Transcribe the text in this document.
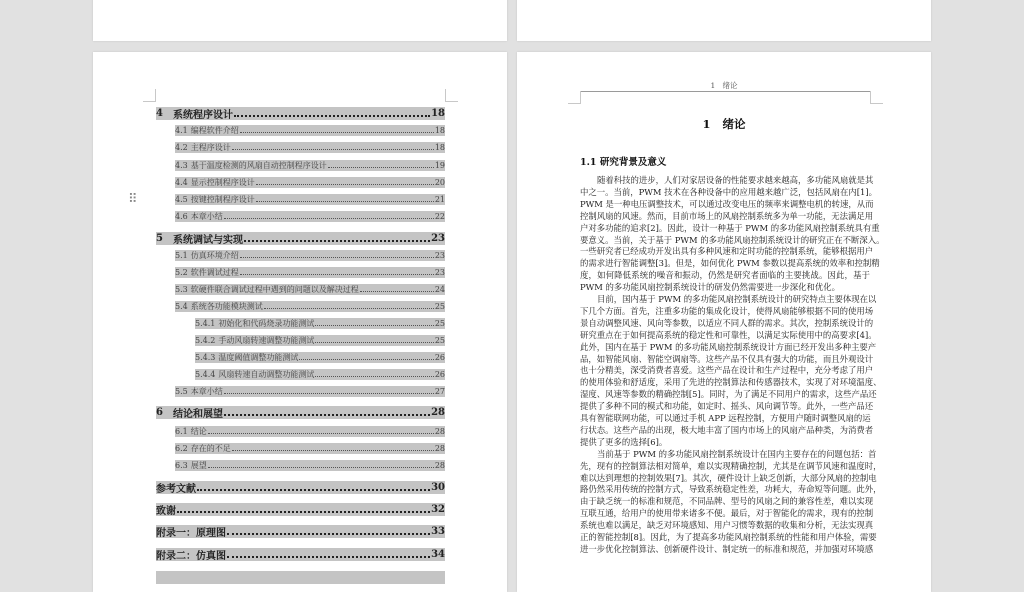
4 系统程序设计	18
4.1 编程软件介绍	18
4.2 主程序设计	18
4.3 基于温度检测的风扇自动控制程序设计	19
4.4 显示控制程序设计	20
4.5 按键控制程序设计	21
4.6 本章小结	22
5 系统调试与实现	23
5.1 仿真环境介绍	23
5.2 软件调试过程	23
5.3 软硬件联合调试过程中遇到的问题以及解决过程	24
5.4 系统各功能模块测试	25
5.4.1 初始化和代码烧录功能测试	25
5.4.2 手动风扇转速调整功能测试	25
5.4.3 温度阈值调整功能测试	26
5.4.4 风扇转速自动调整功能测试	26
5.5 本章小结	27
6 结论和展望	28
6.1 结论	28
6.2 存在的不足	28
6.3 展望	28
参考文献	30
致谢	32
附录一：原理图	33
附录二：仿真图	34
⠿
1   绪论
1   绪论
1.1 研究背景及意义
随着科技的进步，人们对家居设备的性能要求越来越高，多功能风扇就是其
中之一。当前，PWM 技术在各种设备中的应用越来越广泛，包括风扇在内[1]。
PWM 是一种电压调整技术，可以通过改变电压的频率来调整电机的转速，从而
控制风扇的风速。然而，目前市场上的风扇控制系统多为单一功能，无法满足用
户对多功能的追求[2]。因此，设计一种基于 PWM 的多功能风扇控制系统具有重
要意义。当前，关于基于 PWM 的多功能风扇控制系统设计的研究正在不断深入。
一些研究者已经成功开发出具有多种风速和定时功能的控制系统，能够根据用户
的需求进行智能调整[3]。但是，如何优化 PWM 参数以提高系统的效率和控制精
度，如何降低系统的噪音和振动，仍然是研究者面临的主要挑战。因此，基于
PWM 的多功能风扇控制系统设计的研发仍然需要进一步深化和优化。
目前，国内基于 PWM 的多功能风扇控制系统设计的研究特点主要体现在以
下几个方面。首先，注重多功能的集成化设计，使得风扇能够根据不同的使用场
景自动调整风速、风向等参数，以适应不同人群的需求。其次，控制系统设计的
研究重点在于如何提高系统的稳定性和可靠性，以满足实际使用中的高要求[4]。
此外，国内在基于 PWM 的多功能风扇控制系统设计方面已经开发出多种主要产
品，如智能风扇、智能空调扇等。这些产品不仅具有强大的功能，而且外观设计
也十分精美，深受消费者喜爱。这些产品在设计和生产过程中，充分考虑了用户
的使用体验和舒适度，采用了先进的控制算法和传感器技术，实现了对环境温度、
湿度、风速等参数的精确控制[5]。同时，为了满足不同用户的需求，这些产品还
提供了多种不同的模式和功能，如定时、摇头、风向调节等。此外，一些产品还
具有智能联网功能，可以通过手机 APP 远程控制，方便用户随时调整风扇的运
行状态。这些产品的出现，极大地丰富了国内市场上的风扇产品种类，为消费者
提供了更多的选择[6]。
当前基于 PWM 的多功能风扇控制系统设计在国内主要存在的问题包括：首
先，现有的控制算法相对简单，难以实现精确控制，尤其是在调节风速和温度时，
难以达到理想的控制效果[7]。其次，硬件设计上缺乏创新，大部分风扇的控制电
路仍然采用传统的控制方式，导致系统稳定性差，功耗大，寿命短等问题。此外，
由于缺乏统一的标准和规范，不同品牌、型号的风扇之间的兼容性差，难以实现
互联互通，给用户的使用带来诸多不便。最后，对于智能化的需求，现有的控制
系统也难以满足，缺乏对环境感知、用户习惯等数据的收集和分析，无法实现真
正的智能控制[8]。因此，为了提高多功能风扇控制系统的性能和用户体验，需要
进一步优化控制算法、创新硬件设计、制定统一的标准和规范，并加强对环境感
